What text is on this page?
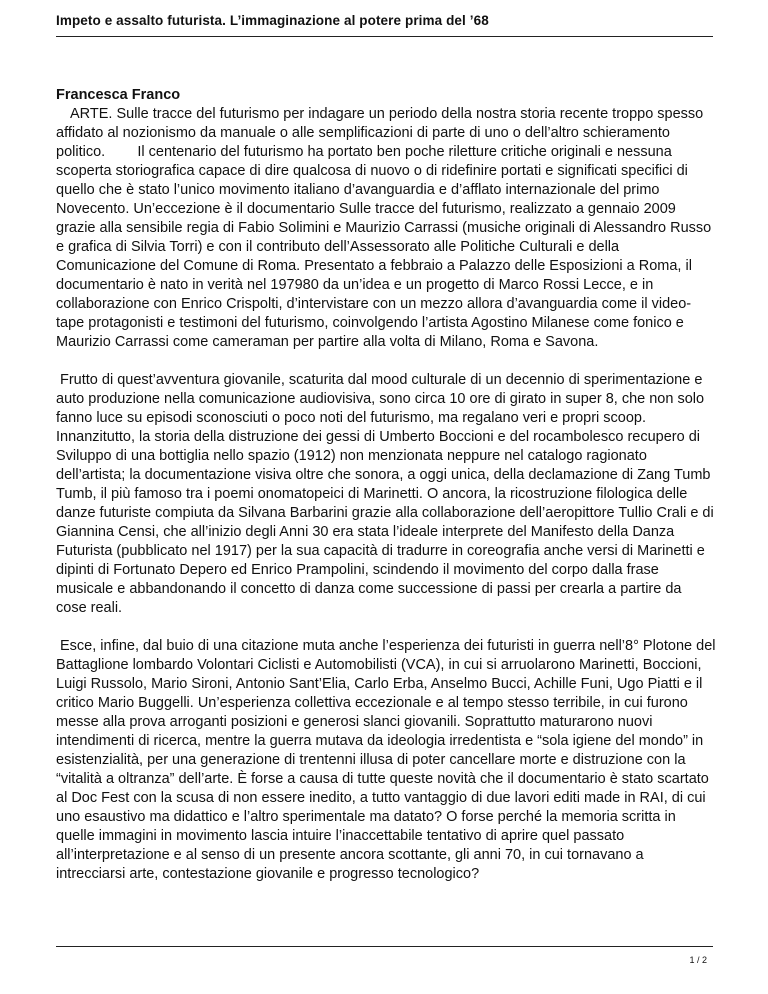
Impeto e assalto futurista. L’immaginazione al potere prima del ’68

Francesca Franco

ARTE. Sulle tracce del futurismo per indagare un periodo della nostra storia recente troppo spesso affidato al nozionismo da manuale o alle semplificazioni di parte di uno o dell’altro schieramento politico.        Il centenario del futurismo ha portato ben poche riletture critiche originali e nessuna scoperta storiografica capace di dire qualcosa di nuovo o di ridefinire portati e significati specifici di quello che è stato l’unico movimento italiano d’avanguardia e d’afflato internazionale del primo Novecento. Un’eccezione è il documentario Sulle tracce del futurismo, realizzato a gennaio 2009 grazie alla sensibile regia di Fabio Solimini e Maurizio Carrassi (musiche originali di Alessandro Russo e grafica di Silvia Torri) e con il contributo dell’Assessorato alle Politiche Culturali e della Comunicazione del Comune di Roma. Presentato a febbraio a Palazzo delle Esposizioni a Roma, il documentario è nato in verità nel 197980 da un’idea e un progetto di Marco Rossi Lecce, e in collaborazione con Enrico Crispolti, d’intervistare con un mezzo allora d’avanguardia come il video-tape protagonisti e testimoni del futurismo, coinvolgendo l’artista Agostino Milanese come fonico e Maurizio Carrassi come cameraman per partire alla volta di Milano, Roma e Savona.

Frutto di quest’avventura giovanile, scaturita dal mood culturale di un decennio di sperimentazione e auto produzione nella comunicazione audiovisiva, sono circa 10 ore di girato in super 8, che non solo fanno luce su episodi sconosciuti o poco noti del futurismo, ma regalano veri e propri scoop. Innanzitutto, la storia della distruzione dei gessi di Umberto Boccioni e del rocambolesco recupero di Sviluppo di una bottiglia nello spazio (1912) non menzionata neppure nel catalogo ragionato dell’artista; la documentazione visiva oltre che sonora, a oggi unica, della declamazione di Zang Tumb Tumb, il più famoso tra i poemi onomatopeici di Marinetti. O ancora, la ricostruzione filologica delle danze futuriste compiuta da Silvana Barbarini grazie alla collaborazione dell’aeropittore Tullio Crali e di Giannina Censi, che all’inizio degli Anni 30 era stata l’ideale interprete del Manifesto della Danza Futurista (pubblicato nel 1917) per la sua capacità di tradurre in coreografia anche versi di Marinetti e dipinti di Fortunato Depero ed Enrico Prampolini, scindendo il movimento del corpo dalla frase musicale e abbandonando il concetto di danza come successione di passi per crearla a partire da cose reali.

Esce, infine, dal buio di una citazione muta anche l’esperienza dei futuristi in guerra nell’8° Plotone del Battaglione lombardo Volontari Ciclisti e Automobilisti (VCA), in cui si arruolarono Marinetti, Boccioni, Luigi Russolo, Mario Sironi, Antonio Sant’Elia, Carlo Erba, Anselmo Bucci, Achille Funi, Ugo Piatti e il critico Mario Buggelli. Un’esperienza collettiva eccezionale e al tempo stesso terribile, in cui furono messe alla prova arroganti posizioni e generosi slanci giovanili. Soprattutto maturarono nuovi intendimenti di ricerca, mentre la guerra mutava da ideologia irredentista e “sola igiene del mondo” in esistenzialità, per una generazione di trentenni illusa di poter cancellare morte e distruzione con la “vitalità a oltranza” dell’arte. È forse a causa di tutte queste novità che il documentario è stato scartato al Doc Fest con la scusa di non essere inedito, a tutto vantaggio di due lavori editi made in RAI, di cui uno esaustivo ma didattico e l’altro sperimentale ma datato? O forse perché la memoria scritta in quelle immagini in movimento lascia intuire l’inaccettabile tentativo di aprire quel passato all’interpretazione e al senso di un presente ancora scottante, gli anni 70, in cui tornavano a intrecciarsi arte, contestazione giovanile e progresso tecnologico?

1 / 2
